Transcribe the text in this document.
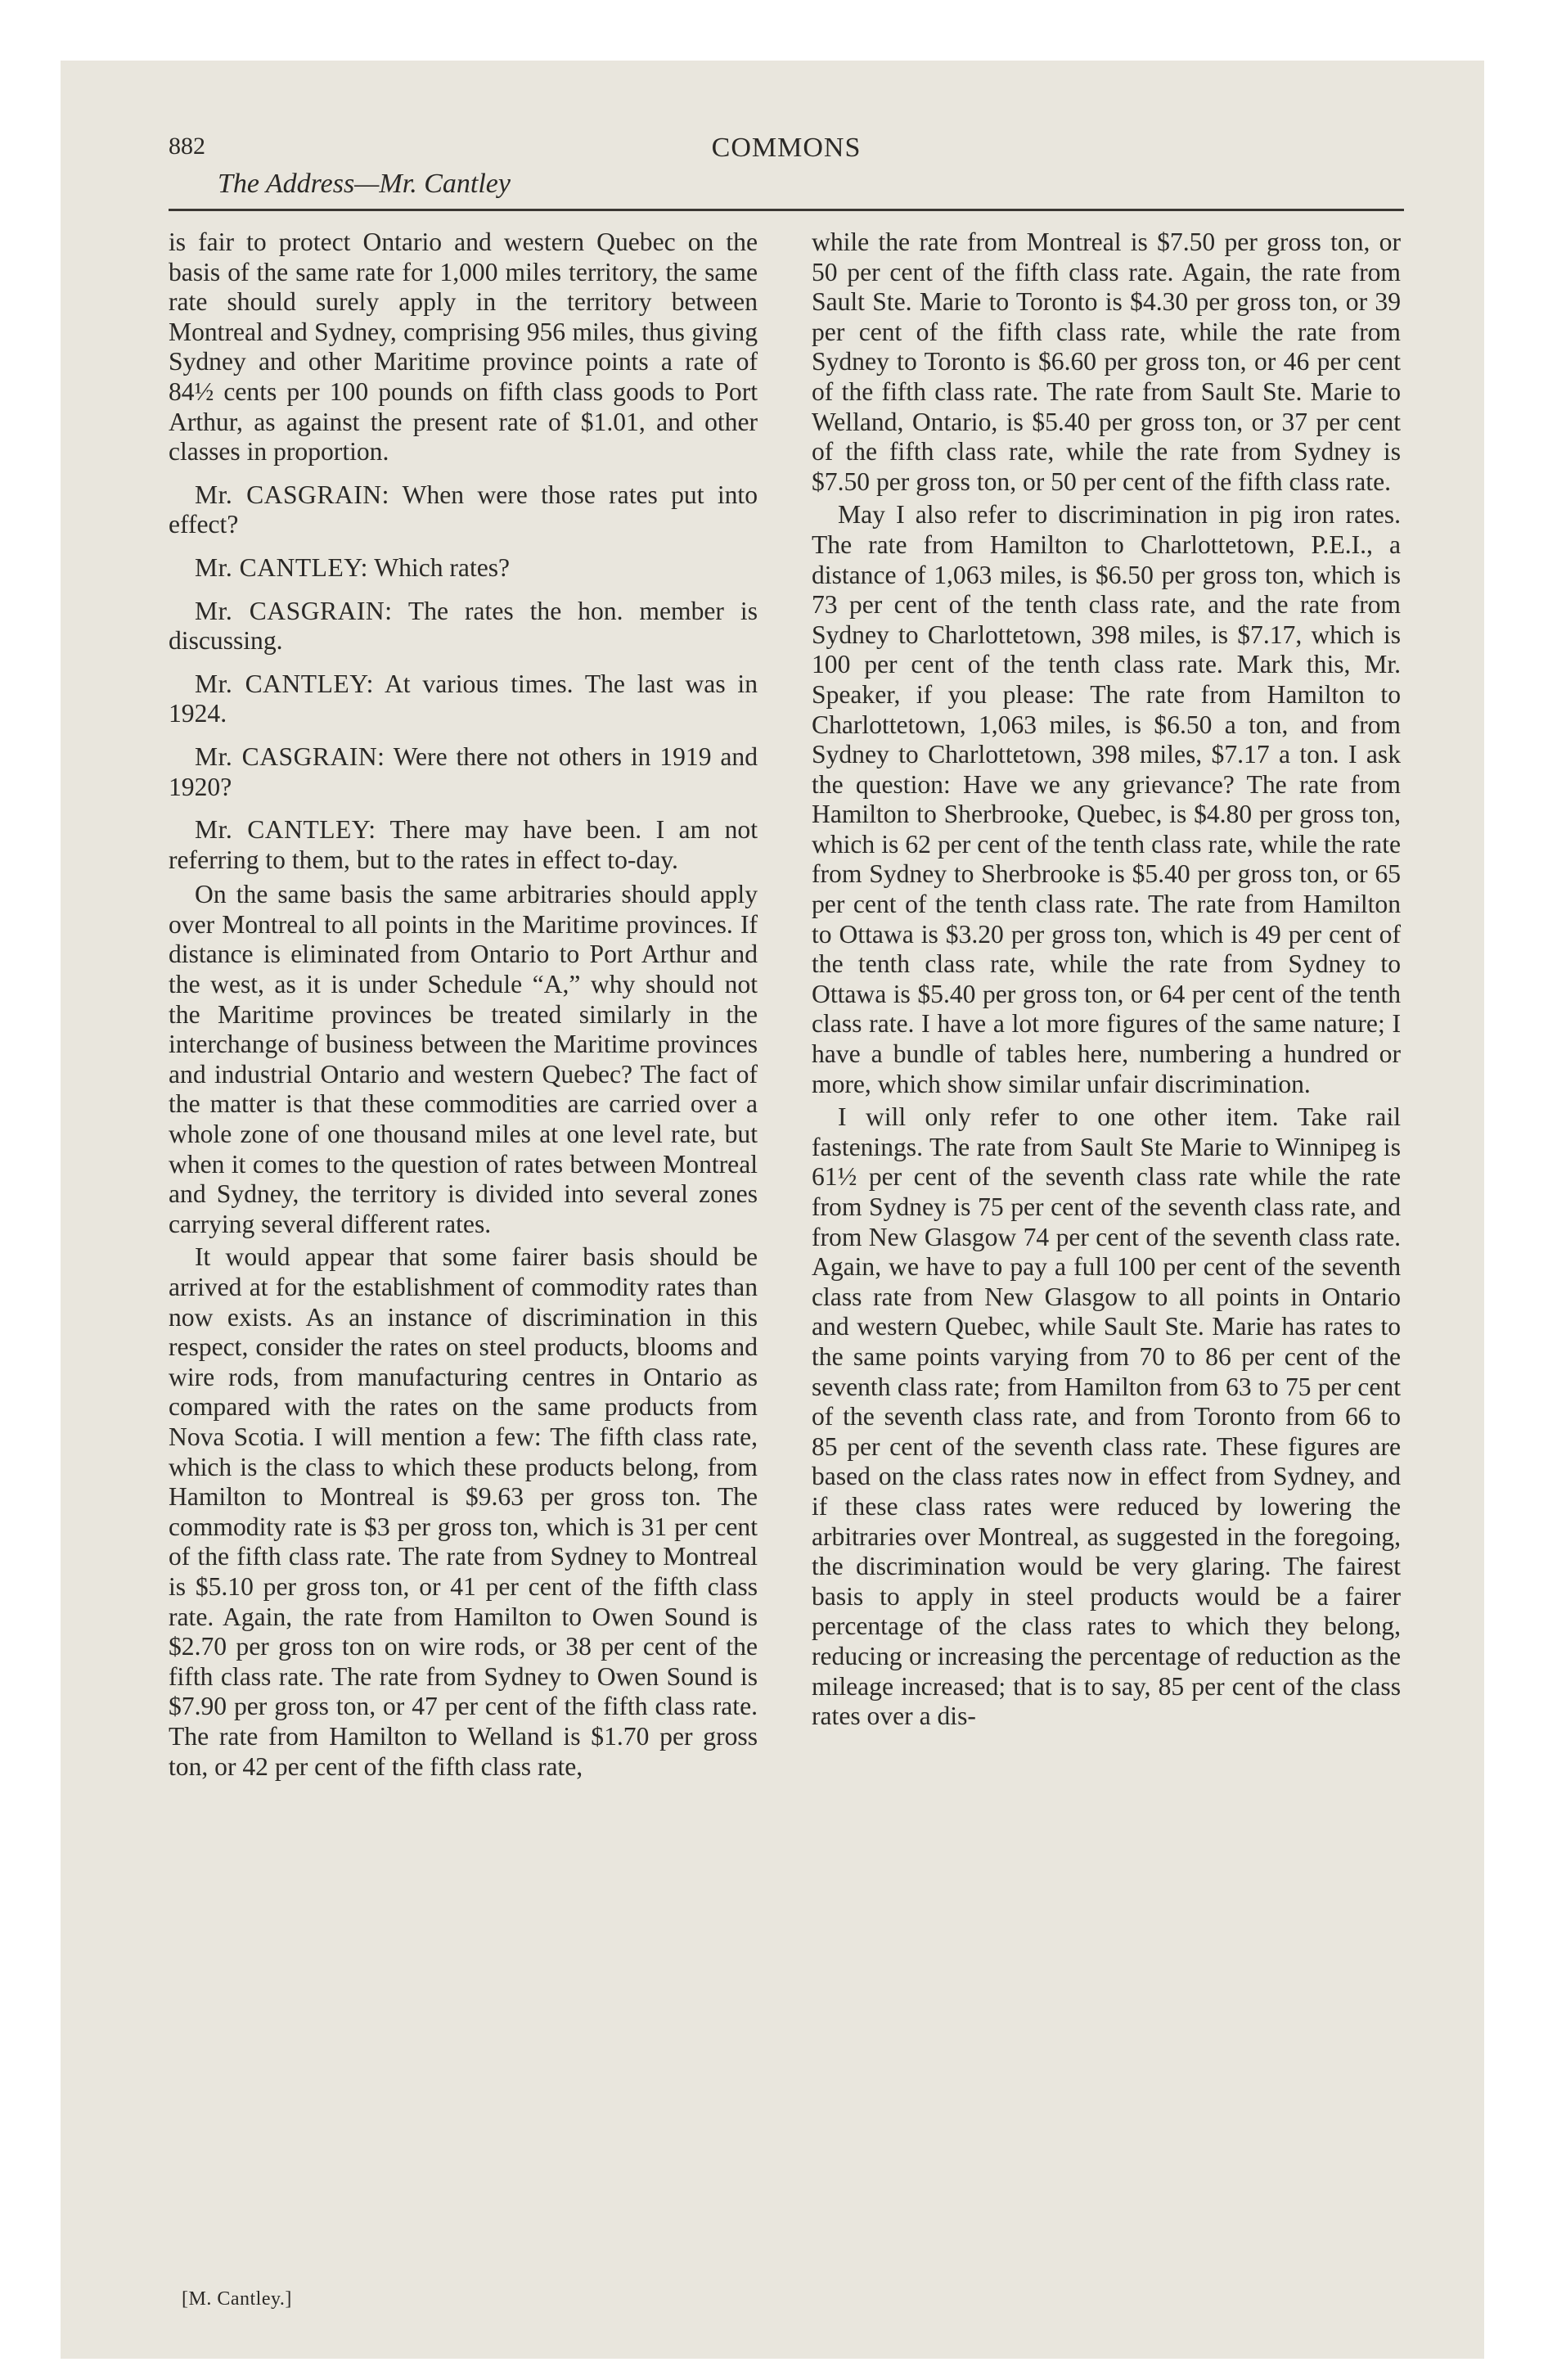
882	COMMONS
The Address—Mr. Cantley

is fair to protect Ontario and western Quebec on the basis of the same rate for 1,000 miles territory, the same rate should surely apply in the territory between Montreal and Sydney, comprising 956 miles, thus giving Sydney and other Maritime province points a rate of 84½ cents per 100 pounds on fifth class goods to Port Arthur, as against the present rate of $1.01, and other classes in proportion.

Mr. CASGRAIN: When were those rates put into effect?

Mr. CANTLEY: Which rates?

Mr. CASGRAIN: The rates the hon. member is discussing.

Mr. CANTLEY: At various times. The last was in 1924.

Mr. CASGRAIN: Were there not others in 1919 and 1920?

Mr. CANTLEY: There may have been. I am not referring to them, but to the rates in effect to-day.

On the same basis the same arbitraries should apply over Montreal to all points in the Maritime provinces. If distance is eliminated from Ontario to Port Arthur and the west, as it is under Schedule “A,” why should not the Maritime provinces be treated similarly in the interchange of business between the Maritime provinces and industrial Ontario and western Quebec? The fact of the matter is that these commodities are carried over a whole zone of one thousand miles at one level rate, but when it comes to the question of rates between Montreal and Sydney, the territory is divided into several zones carrying several different rates.

It would appear that some fairer basis should be arrived at for the establishment of commodity rates than now exists. As an instance of discrimination in this respect, consider the rates on steel products, blooms and wire rods, from manufacturing centres in Ontario as compared with the rates on the same products from Nova Scotia. I will mention a few: The fifth class rate, which is the class to which these products belong, from Hamilton to Montreal is $9.63 per gross ton. The commodity rate is $3 per gross ton, which is 31 per cent of the fifth class rate. The rate from Sydney to Montreal is $5.10 per gross ton, or 41 per cent of the fifth class rate. Again, the rate from Hamilton to Owen Sound is $2.70 per gross ton on wire rods, or 38 per cent of the fifth class rate. The rate from Sydney to Owen Sound is $7.90 per gross ton, or 47 per cent of the fifth class rate. The rate from Hamilton to Welland is $1.70 per gross ton, or 42 per cent of the fifth class rate,

[M. Cantley.]

while the rate from Montreal is $7.50 per gross ton, or 50 per cent of the fifth class rate. Again, the rate from Sault Ste. Marie to Toronto is $4.30 per gross ton, or 39 per cent of the fifth class rate, while the rate from Sydney to Toronto is $6.60 per gross ton, or 46 per cent of the fifth class rate. The rate from Sault Ste. Marie to Welland, Ontario, is $5.40 per gross ton, or 37 per cent of the fifth class rate, while the rate from Sydney is $7.50 per gross ton, or 50 per cent of the fifth class rate.

May I also refer to discrimination in pig iron rates. The rate from Hamilton to Charlottetown, P.E.I., a distance of 1,063 miles, is $6.50 per gross ton, which is 73 per cent of the tenth class rate, and the rate from Sydney to Charlottetown, 398 miles, is $7.17, which is 100 per cent of the tenth class rate. Mark this, Mr. Speaker, if you please: The rate from Hamilton to Charlottetown, 1,063 miles, is $6.50 a ton, and from Sydney to Charlottetown, 398 miles, $7.17 a ton. I ask the question: Have we any grievance? The rate from Hamilton to Sherbrooke, Quebec, is $4.80 per gross ton, which is 62 per cent of the tenth class rate, while the rate from Sydney to Sherbrooke is $5.40 per gross ton, or 65 per cent of the tenth class rate. The rate from Hamilton to Ottawa is $3.20 per gross ton, which is 49 per cent of the tenth class rate, while the rate from Sydney to Ottawa is $5.40 per gross ton, or 64 per cent of the tenth class rate. I have a lot more figures of the same nature; I have a bundle of tables here, numbering a hundred or more, which show similar unfair discrimination.

I will only refer to one other item. Take rail fastenings. The rate from Sault Ste Marie to Winnipeg is 61½ per cent of the seventh class rate while the rate from Sydney is 75 per cent of the seventh class rate, and from New Glasgow 74 per cent of the seventh class rate. Again, we have to pay a full 100 per cent of the seventh class rate from New Glasgow to all points in Ontario and western Quebec, while Sault Ste. Marie has rates to the same points varying from 70 to 86 per cent of the seventh class rate; from Hamilton from 63 to 75 per cent of the seventh class rate, and from Toronto from 66 to 85 per cent of the seventh class rate. These figures are based on the class rates now in effect from Sydney, and if these class rates were reduced by lowering the arbitraries over Montreal, as suggested in the foregoing, the discrimination would be very glaring. The fairest basis to apply in steel products would be a fairer percentage of the class rates to which they belong, reducing or increasing the percentage of reduction as the mileage increased; that is to say, 85 per cent of the class rates over a dis-
